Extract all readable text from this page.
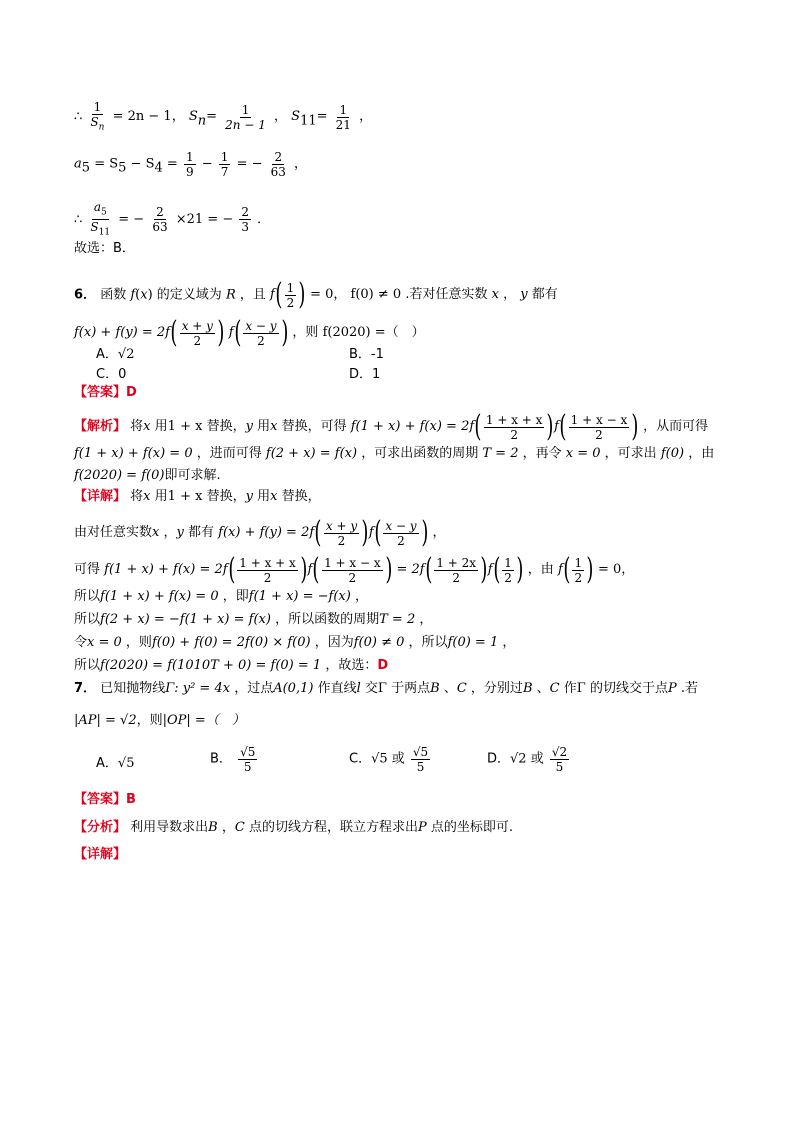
∴ $\frac{1}{S_n} = 2n - 1$， $S_n= \frac{1}{2n - 1}$ ， $S_{11}= \frac{1}{21}$ ，
$a_5 = S_5 - S_4 = \frac{1}{9} - \frac{1}{7}$ = − $\frac{2}{63}$ ，
∴ $\frac{a_5}{S_{11}}$ = − $\frac{2}{63} \times 21$ = − $\frac{2}{3}$ ．
故选：B．
6． 函数 f(x) 的定义域为 R ，且 $f( \frac{1}{2}$ ) = 0， f(0) ≠ 0 .若对任意实数 x ， y 都有
$f(x) + f(y) = 2f( \frac{x + y}{2}$ ) $f( \frac{x - y}{2}$ ) ，则 f(2020) =（　）
A．√2	B．-1
C．0	D．1
【答案】D
【解析】 将x 用1 + x 替换，y 用x 替换，可得 $f(1 + x) + f(x) = 2f( \frac{1 + x + x}{2} )f( \frac{1 + x - x}{2}$ ) ，从而可得
f(1 + x) + f(x) = 0 ，进而可得 f(2 + x) = f(x) ，可求出函数的周期 T = 2 ，再令 x = 0 ，可求出 f(0) ，由
f(2020) = f(0)即可求解.
【详解】 将x 用1 + x 替换，y 用x 替换，
由对任意实数x ，y 都有 $f(x) + f(y) = 2f( \frac{x + y}{2} )f( \frac{x - y}{2}$ ) ，
可得 $f(1 + x) + f(x) = 2f( \frac{1 + x + x}{2} )f( \frac{1 + x - x}{2}$ ) = $2f( \frac{1 + 2x}{2} )f( \frac{1}{2}$ ) ，由 $f( \frac{1}{2}$ ) = 0，
所以f(1 + x) + f(x) = 0 ，即f(1 + x) = −f(x) ，
所以f(2 + x) = −f(1 + x) = f(x) ，所以函数的周期T = 2 ，
令x = 0 ，则f(0) + f(0) = 2f(0) × f(0) ，因为f(0) ≠ 0 ，所以f(0) = 1 ，
所以f(2020) = f(1010T + 0) = f(0) = 1 ，故选：D
7． 已知抛物线Γ: y² = 4x ，过点A(0,1) 作直线l 交Γ 于两点B 、C ，分别过B 、C 作Γ 的切线交于点P .若
|AP| = √2，则|OP| =（　）
A．√5	B． $\frac{√5}{5}$	C．√5 或 $\frac{√5}{5}$	D．√2 或 $\frac{√2}{5}$
【答案】B
【分析】 利用导数求出B ，C 点的切线方程，联立方程求出P 点的坐标即可.
【详解】
